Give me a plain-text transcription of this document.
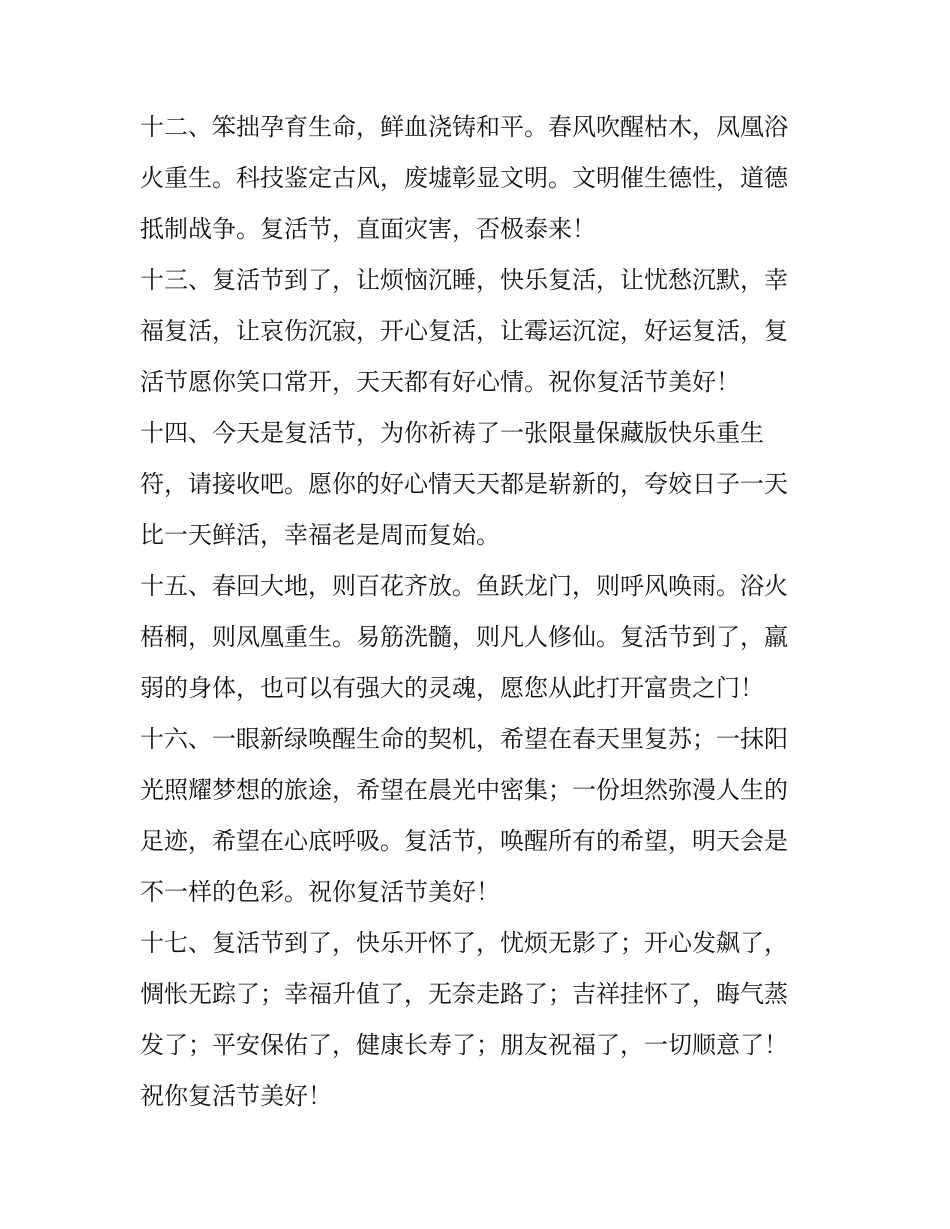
十二、笨拙孕育生命，鲜血浇铸和平。春风吹醒枯木，凤凰浴
火重生。科技鉴定古风，废墟彰显文明。文明催生德性，道德
抵制战争。复活节，直面灾害，否极泰来！
十三、复活节到了，让烦恼沉睡，快乐复活，让忧愁沉默，幸
福复活，让哀伤沉寂，开心复活，让霉运沉淀，好运复活，复
活节愿你笑口常开，天天都有好心情。祝你复活节美好！
十四、今天是复活节，为你祈祷了一张限量保藏版快乐重生
符，请接收吧。愿你的好心情天天都是崭新的，夸姣日子一天
比一天鲜活，幸福老是周而复始。
十五、春回大地，则百花齐放。鱼跃龙门，则呼风唤雨。浴火
梧桐，则凤凰重生。易筋洗髓，则凡人修仙。复活节到了，羸
弱的身体，也可以有强大的灵魂，愿您从此打开富贵之门！
十六、一眼新绿唤醒生命的契机，希望在春天里复苏；一抹阳
光照耀梦想的旅途，希望在晨光中密集；一份坦然弥漫人生的
足迹，希望在心底呼吸。复活节，唤醒所有的希望，明天会是
不一样的色彩。祝你复活节美好！
十七、复活节到了，快乐开怀了，忧烦无影了；开心发飙了，
惆怅无踪了；幸福升值了，无奈走路了；吉祥挂怀了，晦气蒸
发了；平安保佑了，健康长寿了；朋友祝福了，一切顺意了！
祝你复活节美好！
